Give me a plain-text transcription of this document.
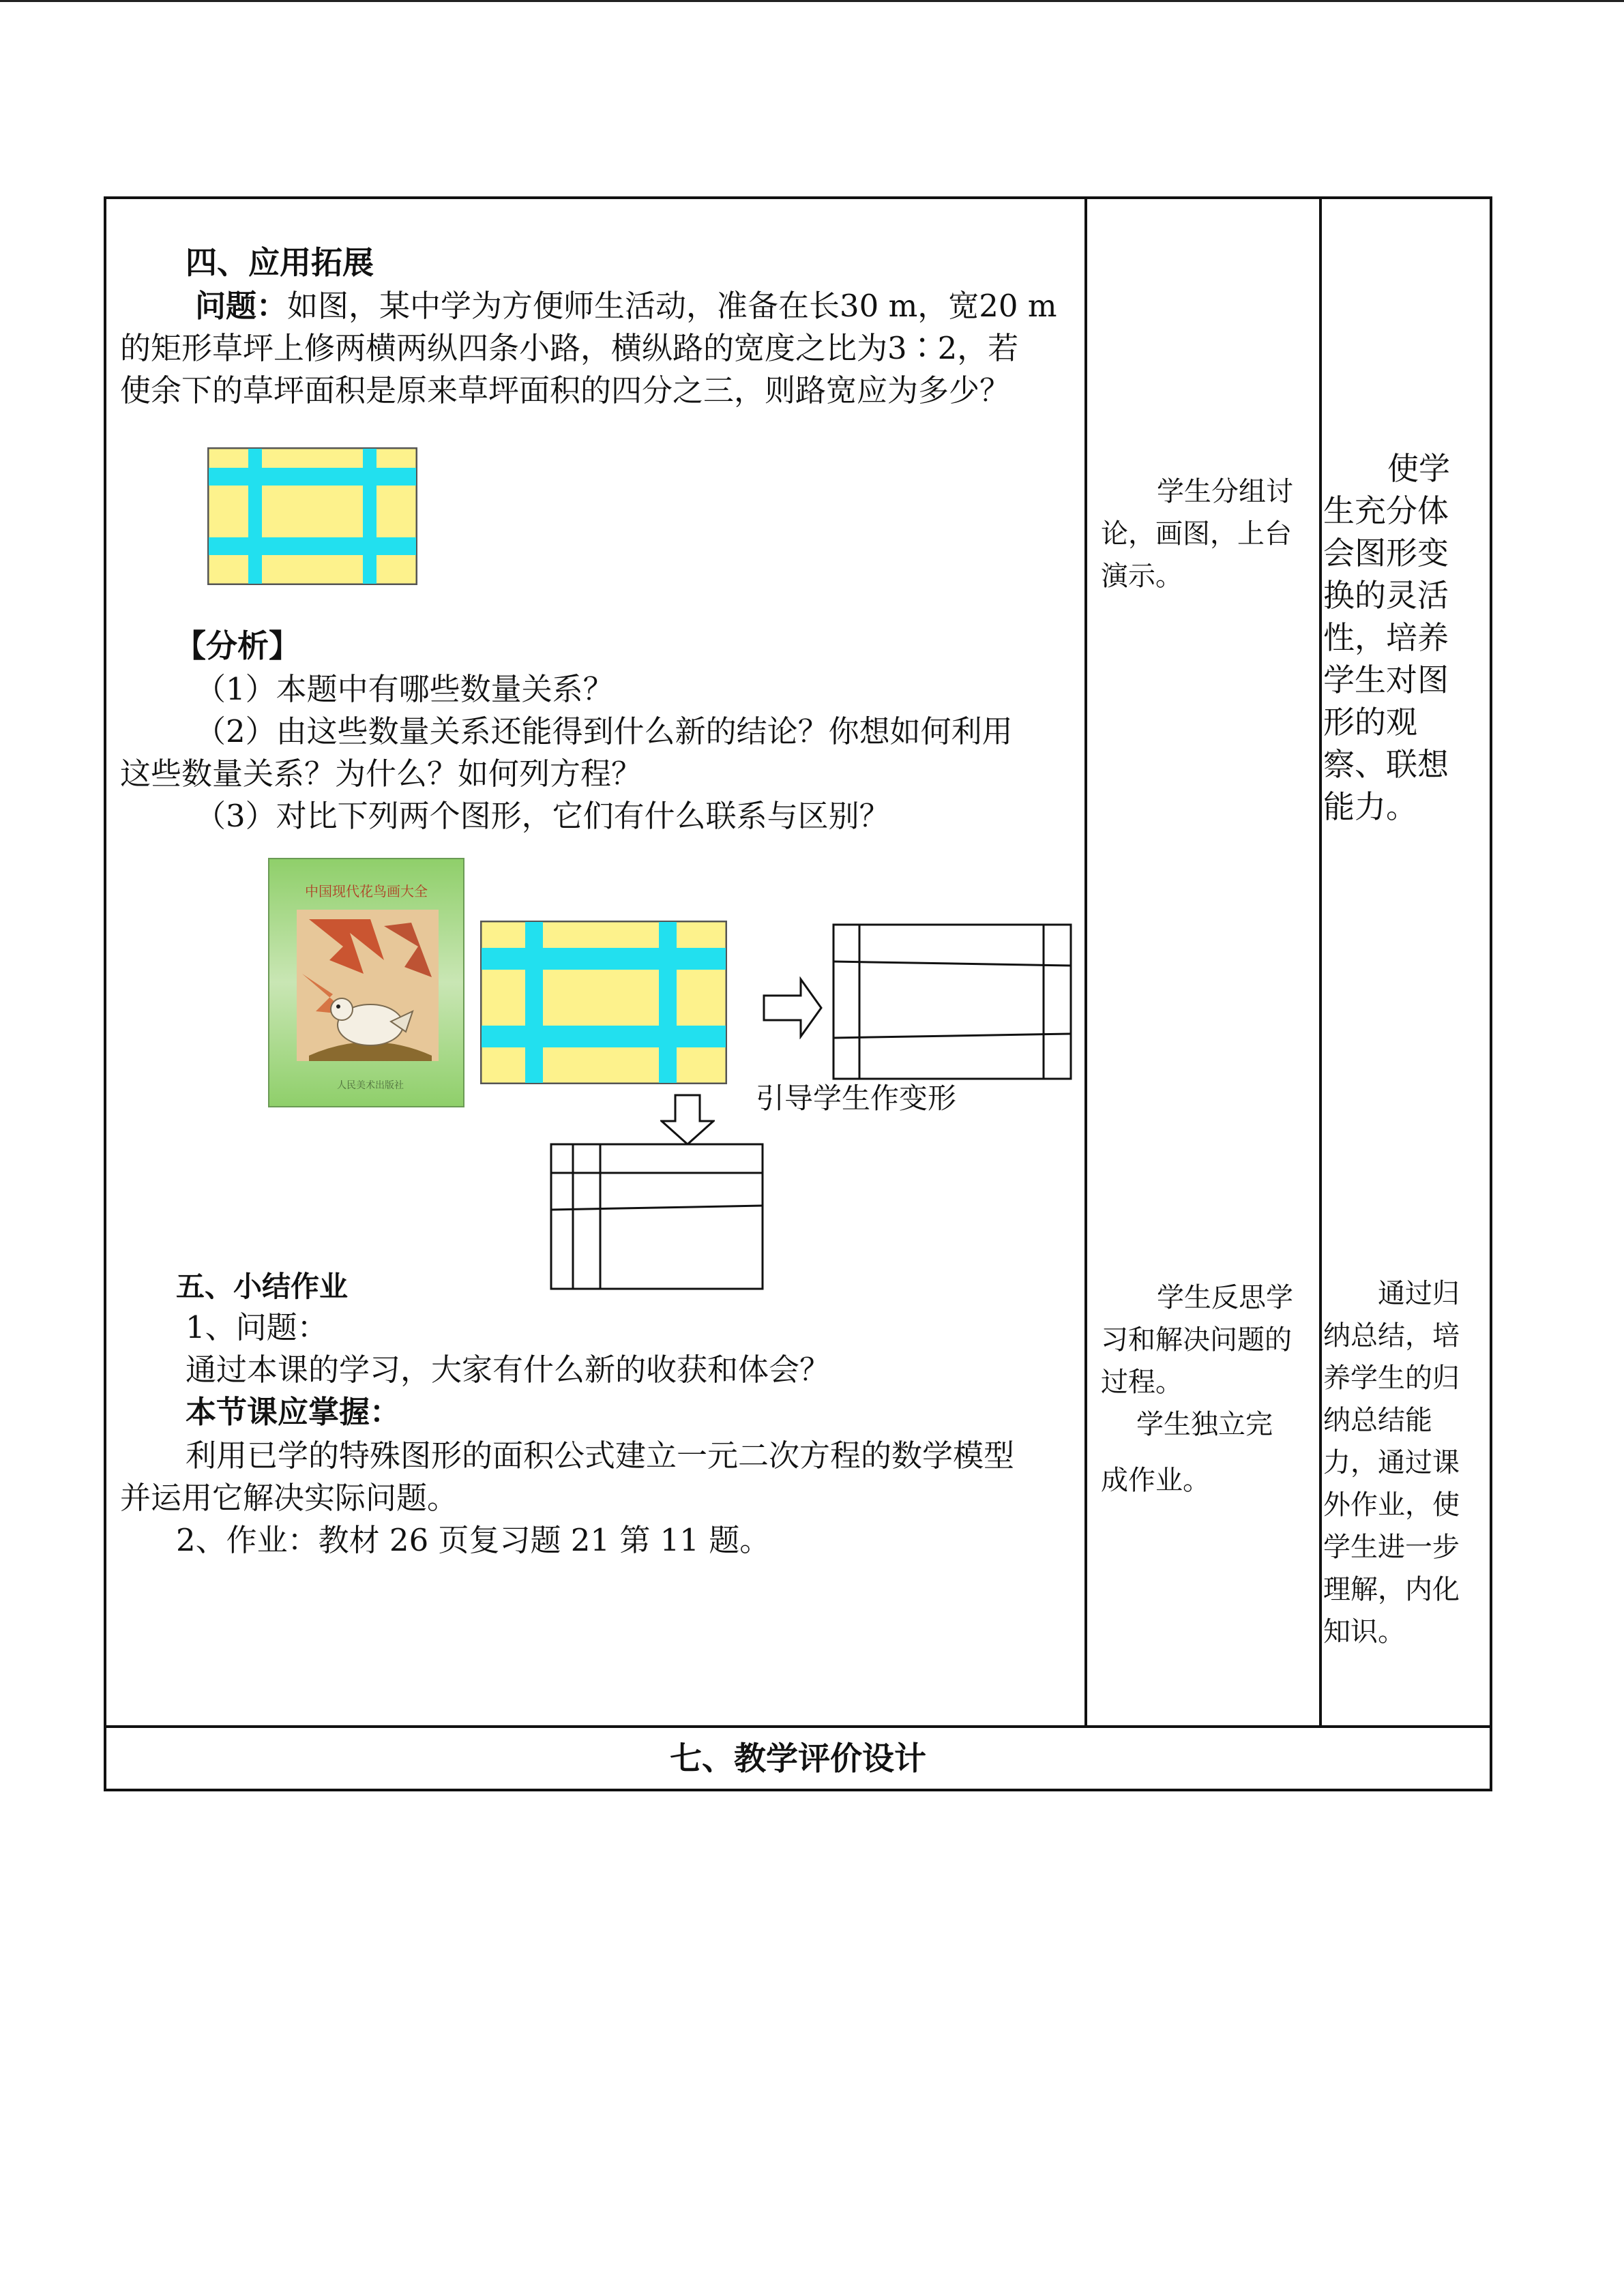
四、应用拓展
问题：如图，某中学为方便师生活动，准备在长30 m，宽20 m
的矩形草坪上修两横两纵四条小路，横纵路的宽度之比为3∶2，若
使余下的草坪面积是原来草坪面积的四分之三，则路宽应为多少？
【分析】
（1）本题中有哪些数量关系？
（2）由这些数量关系还能得到什么新的结论？你想如何利用
这些数量关系？为什么？如何列方程？
（3）对比下列两个图形，它们有什么联系与区别？
中国现代花鸟画大全
人民美术出版社	引导学生作变形
五、小结作业
1、问题：
通过本课的学习，大家有什么新的收获和体会？
本节课应掌握：
利用已学的特殊图形的面积公式建立一元二次方程的数学模型
并运用它解决实际问题。
2、作业：教材 26 页复习题 21 第 11 题。

学生分组讨

论，画图，上台

演示。

学生反思学

习和解决问题的

过程。

学生独立完

成作业。

使学

生充分体

会图形变

换的灵活

性，培养

学生对图

形的观

察、联想

能力。

通过归

纳总结，培

养学生的归

纳总结能

力，通过课

外作业，使

学生进一步

理解，内化

知识。

七、教学评价设计
